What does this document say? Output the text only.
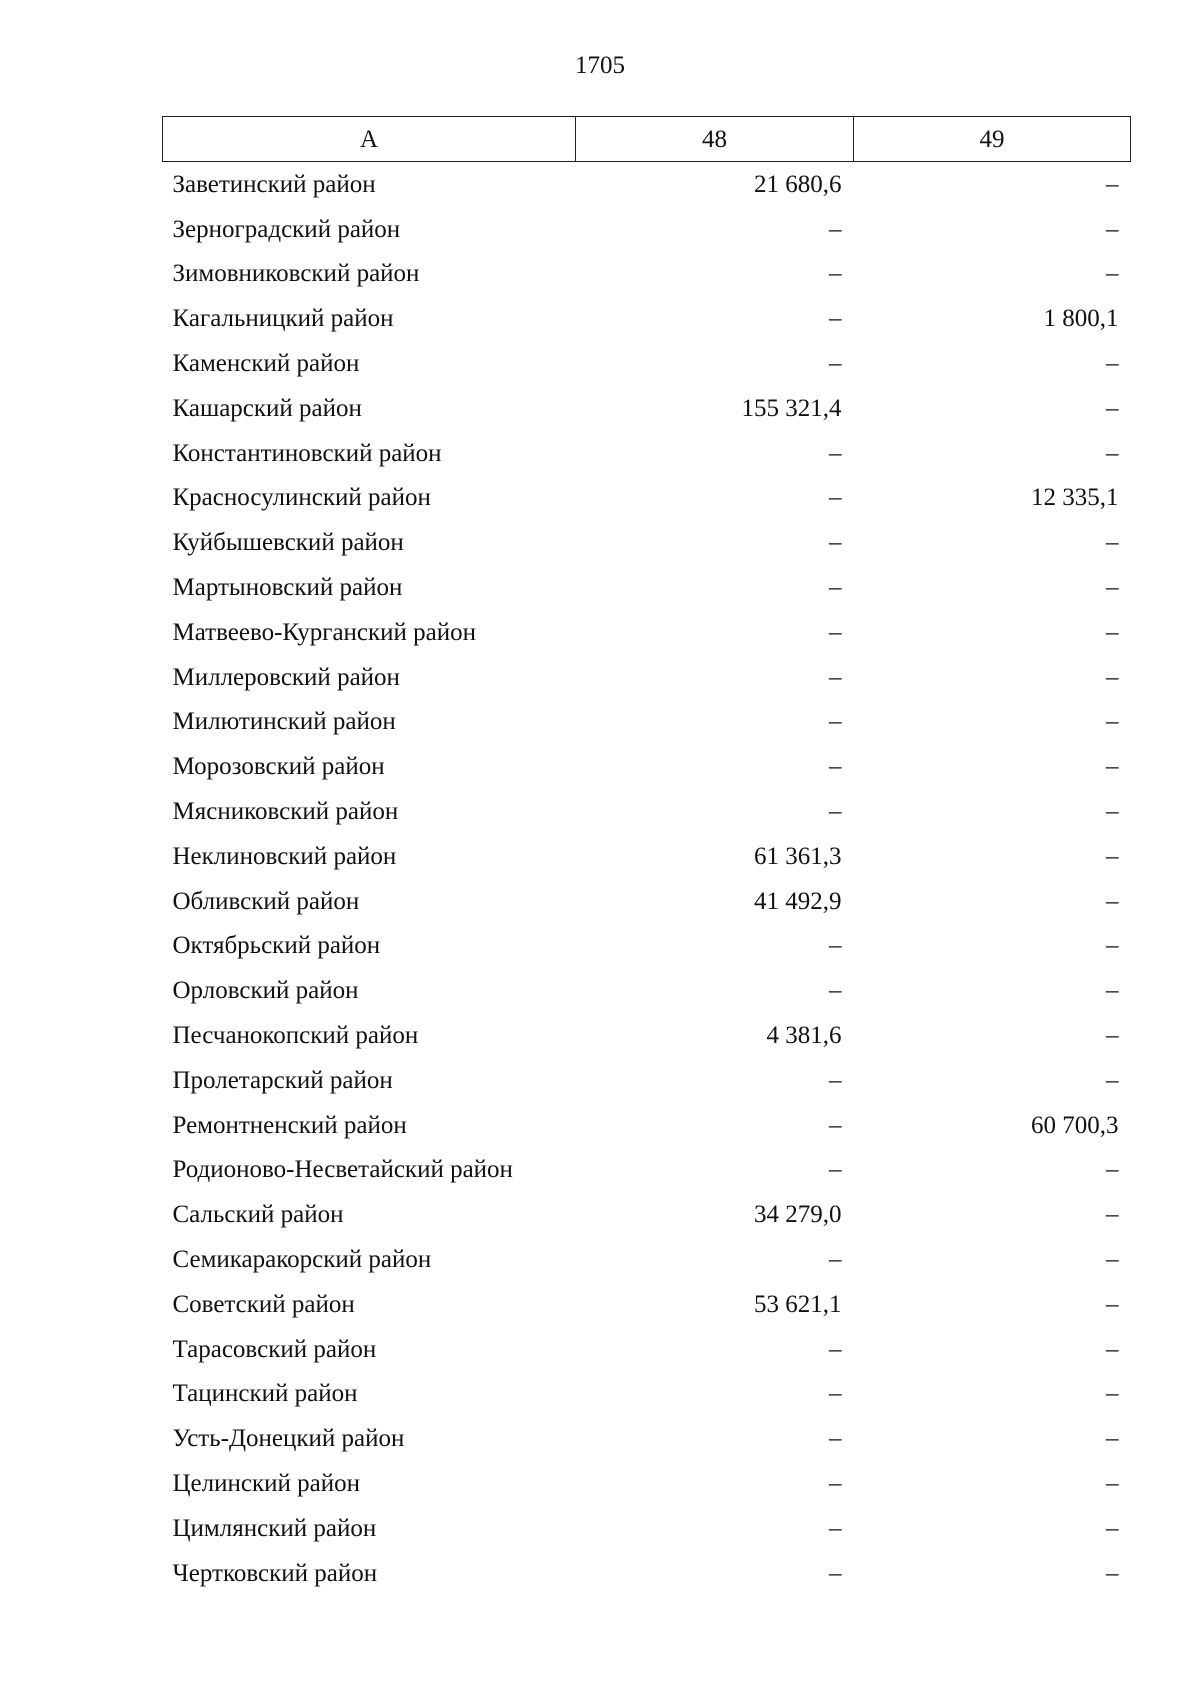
1705
А	48	49
Заветинский район	21 680,6	–
Зерноградский район	–	–
Зимовниковский район	–	–
Кагальницкий район	–	1 800,1
Каменский район	–	–
Кашарский район	155 321,4	–
Константиновский район	–	–
Красносулинский район	–	12 335,1
Куйбышевский район	–	–
Мартыновский район	–	–
Матвеево-Курганский район	–	–
Миллеровский район	–	–
Милютинский район	–	–
Морозовский район	–	–
Мясниковский район	–	–
Неклиновский район	61 361,3	–
Обливский район	41 492,9	–
Октябрьский район	–	–
Орловский район	–	–
Песчанокопский район	4 381,6	–
Пролетарский район	–	–
Ремонтненский район	–	60 700,3
Родионово-Несветайский район	–	–
Сальский район	34 279,0	–
Семикаракорский район	–	–
Советский район	53 621,1	–
Тарасовский район	–	–
Тацинский район	–	–
Усть-Донецкий район	–	–
Целинский район	–	–
Цимлянский район	–	–
Чертковский район	–	–
